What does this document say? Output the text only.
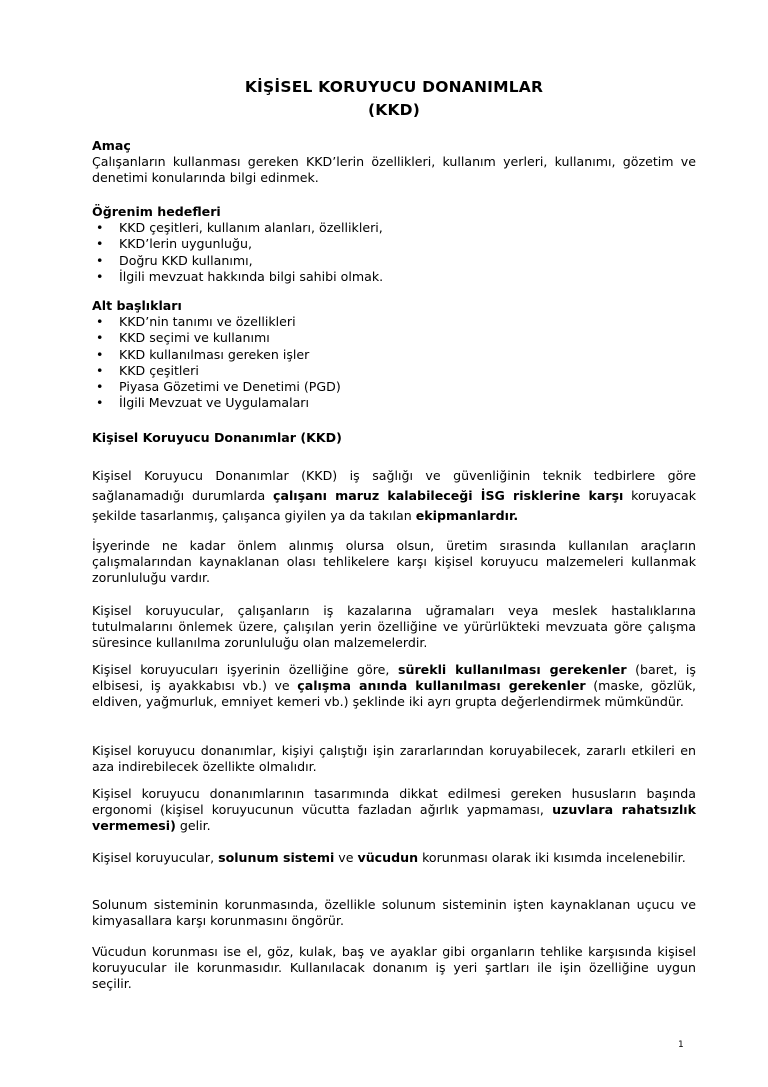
KİŞİSEL KORUYUCU DONANIMLAR
(KKD)
Amaç
Çalışanların kullanması gereken KKD’lerin özellikleri, kullanım yerleri, kullanımı, gözetim ve denetimi konularında bilgi edinmek.
Öğrenim hedefleri
• KKD çeşitleri, kullanım alanları, özellikleri,
• KKD’lerin uygunluğu,
• Doğru KKD kullanımı,
• İlgili mevzuat hakkında bilgi sahibi olmak.
Alt başlıkları
• KKD’nin tanımı ve özellikleri
• KKD seçimi ve kullanımı
• KKD kullanılması gereken işler
• KKD çeşitleri
• Piyasa Gözetimi ve Denetimi (PGD)
• İlgili Mevzuat ve Uygulamaları
Kişisel Koruyucu Donanımlar (KKD)
Kişisel Koruyucu Donanımlar (KKD) iş sağlığı ve güvenliğinin teknik tedbirlere göre sağlanamadığı durumlarda çalışanı maruz kalabileceği İSG risklerine karşı koruyacak şekilde tasarlanmış, çalışanca giyilen ya da takılan ekipmanlardır.
İşyerinde ne kadar önlem alınmış olursa olsun, üretim sırasında kullanılan araçların çalışmalarından kaynaklanan olası tehlikelere karşı kişisel koruyucu malzemeleri kullanmak zorunluluğu vardır.
Kişisel koruyucular, çalışanların iş kazalarına uğramaları veya meslek hastalıklarına tutulmalarını önlemek üzere, çalışılan yerin özelliğine ve yürürlükteki mevzuata göre çalışma süresince kullanılma zorunluluğu olan malzemelerdir.
Kişisel koruyucuları işyerinin özelliğine göre, sürekli kullanılması gerekenler (baret, iş elbisesi, iş ayakkabısı vb.) ve çalışma anında kullanılması gerekenler (maske, gözlük, eldiven, yağmurluk, emniyet kemeri vb.) şeklinde iki ayrı grupta değerlendirmek mümkündür.
Kişisel koruyucu donanımlar, kişiyi çalıştığı işin zararlarından koruyabilecek, zararlı etkileri en aza indirebilecek özellikte olmalıdır.
Kişisel koruyucu donanımlarının tasarımında dikkat edilmesi gereken hususların başında ergonomi (kişisel koruyucunun vücutta fazladan ağırlık yapmaması, uzuvlara rahatsızlık vermemesi) gelir.
Kişisel koruyucular, solunum sistemi ve vücudun korunması olarak iki kısımda incelenebilir.
Solunum sisteminin korunmasında, özellikle solunum sisteminin işten kaynaklanan uçucu ve kimyasallara karşı korunmasını öngörür.
Vücudun korunması ise el, göz, kulak, baş ve ayaklar gibi organların tehlike karşısında kişisel koruyucular ile korunmasıdır. Kullanılacak donanım iş yeri şartları ile işin özelliğine uygun seçilir.
1
